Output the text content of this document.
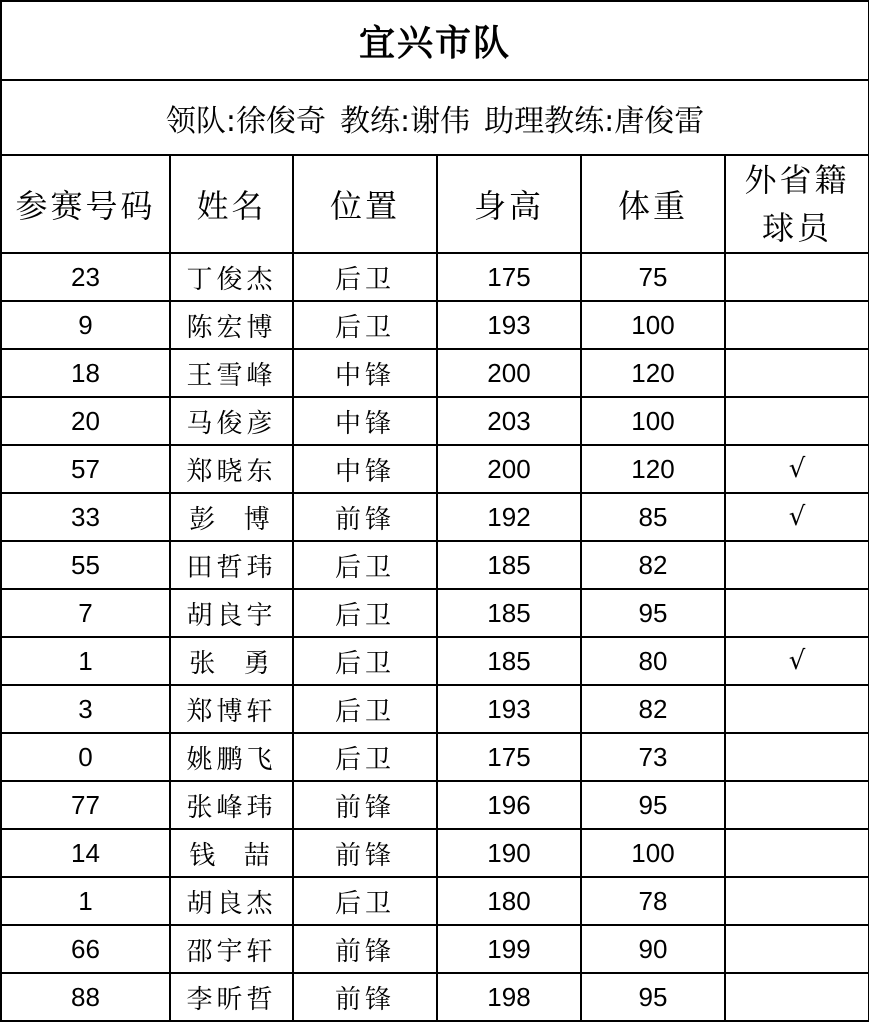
宜兴市队					
领队:徐俊奇 教练:谢伟 助理教练:唐俊雷					
参赛号码	姓名	位置	身高	体重	外省籍
球员

23	丁俊杰	后卫	175	75	
9	陈宏博	后卫	193	100	
18	王雪峰	中锋	200	120	
20	马俊彦	中锋	203	100	
57	郑晓东	中锋	200	120	√
33	彭  博	前锋	192	85	√
55	田哲玮	后卫	185	82	
7	胡良宇	后卫	185	95	
1	张  勇	后卫	185	80	√
3	郑博轩	后卫	193	82	
0	姚鹏飞	后卫	175	73	
77	张峰玮	前锋	196	95	
14	钱  喆	前锋	190	100	
1	胡良杰	后卫	180	78	
66	邵宇轩	前锋	199	90	
88	李昕哲	前锋	198	95	
